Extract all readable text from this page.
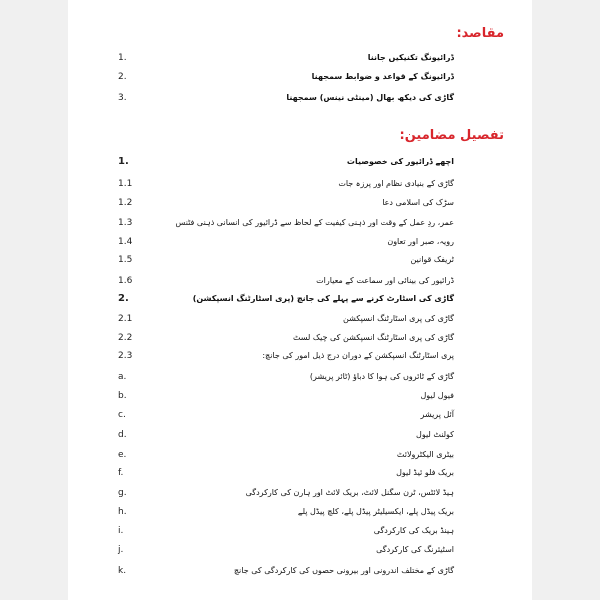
مقاصد:
1.	ڈرائیونگ تکنیکیں جاننا
2.	ڈرائیونگ کے قواعد و ضوابط سمجھنا
3.	گاڑی کی دیکھ بھال (مینٹی نینس) سمجھنا
تفصیل مضامین:
1.	اچھے ڈرائیور کی خصوصیات
1.1	گاڑی کے بنیادی نظام اور پرزہ جات
1.2	سڑک کی اسلامی دعا
1.3	عمر، ردِ عمل کے وقت اور ذہنی کیفیت کے لحاظ سے ڈرائیور کی انسانی ذہنی فٹنس
1.4	رویہ، صبر اور تعاون
1.5	ٹریفک قوانین
1.6	ڈرائیور کی بینائی اور سماعت کے معیارات
2.	گاڑی کی اسٹارٹ کرنے سے پہلے کی جانچ (پری اسٹارٹنگ انسپکشن)
2.1	گاڑی کی پری اسٹارٹنگ انسپکشن
2.2	گاڑی کی پری اسٹارٹنگ انسپکشن کی چیک لسٹ
2.3	پری اسٹارٹنگ انسپکشن کے دوران درج ذیل امور کی جانچ:
a.	گاڑی کے ٹائروں کی ہوا کا دباؤ (ٹائر پریشر)
b.	فیول لیول
c.	آئل پریشر
d.	کولنٹ لیول
e.	بیٹری الیکٹرولائٹ
f.	بریک فلو ئیڈ لیول
g.	ہیڈ لائٹس، ٹرن سگنل لائٹ، بریک لائٹ اور ہارن کی کارکردگی
h.	بریک پیڈل پلے، ایکسیلیٹر پیڈل پلے، کلچ پیڈل پلے
i.	ہینڈ بریک کی کارکردگی
j.	اسٹیئرنگ کی کارکردگی
k.	گاڑی کے مختلف اندرونی اور بیرونی حصوں کی کارکردگی کی جانچ
